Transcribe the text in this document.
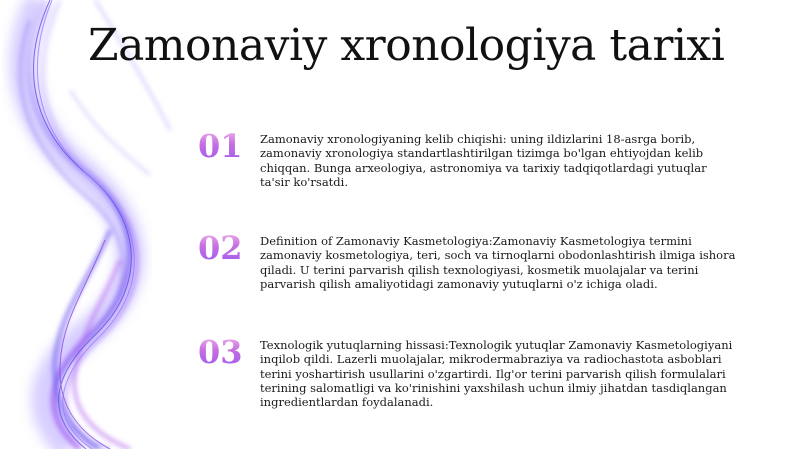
Zamonaviy xronologiya tarixi
01	Zamonaviy xronologiyaning kelib chiqishi: uning ildizlarini 18-asrga borib, zamonaviy xronologiya standartlashtirilgan tizimga bo'lgan ehtiyojdan kelib chiqqan. Bunga arxeologiya, astronomiya va tarixiy tadqiqotlardagi yutuqlar ta'sir ko'rsatdi.
02	Definition of Zamonaviy Kasmetologiya:Zamonaviy Kasmetologiya termini zamonaviy kosmetologiya, teri, soch va tirnoqlarni obodonlashtirish ilmiga ishora qiladi. U terini parvarish qilish texnologiyasi, kosmetik muolajalar va terini parvarish qilish amaliyotidagi zamonaviy yutuqlarni o'z ichiga oladi.
03	Texnologik yutuqlarning hissasi:Texnologik yutuqlar Zamonaviy Kasmetologiyani inqilob qildi. Lazerli muolajalar, mikrodermabraziya va radiochastota asboblari terini yoshartirish usullarini o'zgartirdi. Ilg'or terini parvarish qilish formulalari terining salomatligi va ko'rinishini yaxshilash uchun ilmiy jihatdan tasdiqlangan ingredientlardan foydalanadi.
